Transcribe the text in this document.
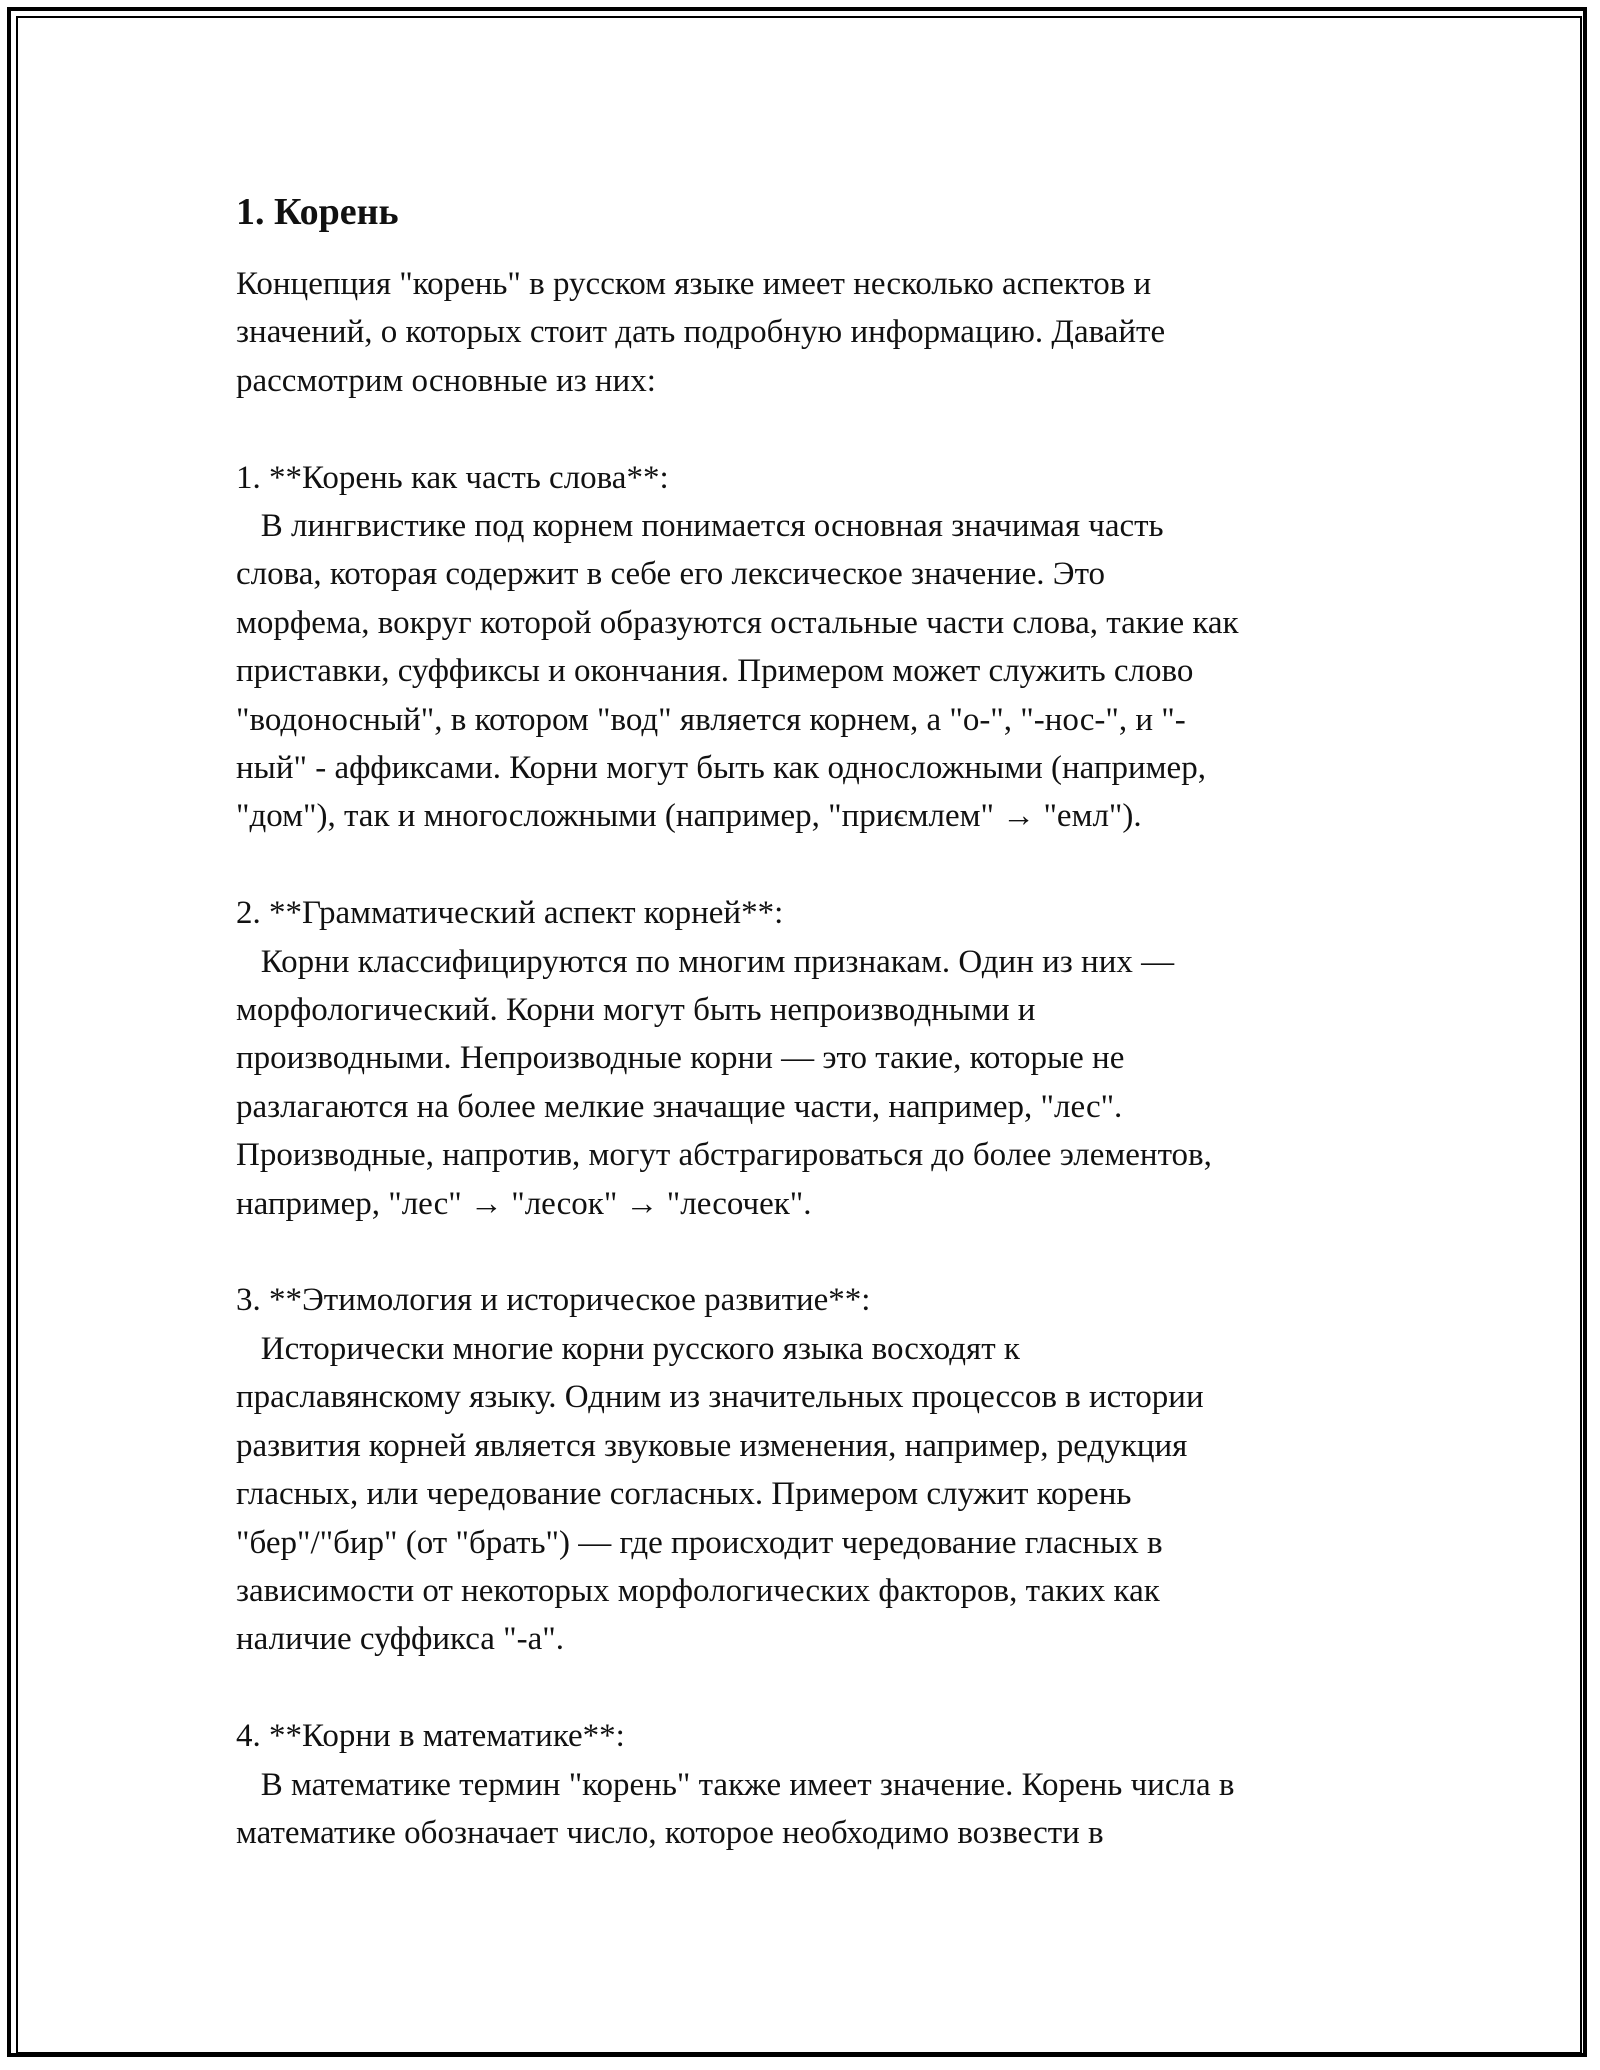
1. Корень

Концепция "корень" в русском языке имеет несколько аспектов и
значений, о которых стоит дать подробную информацию. Давайте
рассмотрим основные из них:

1. **Корень как часть слова**:

В лингвистике под корнем понимается основная значимая часть
слова, которая содержит в себе его лексическое значение. Это
морфема, вокруг которой образуются остальные части слова, такие как
приставки, суффиксы и окончания. Примером может служить слово
"водоносный", в котором "вод" является корнем, а "о-", "-нос-", и "-
ный" - аффиксами. Корни могут быть как односложными (например,
"дом"), так и многосложными (например, "приємлем" → "емл").

2. **Грамматический аспект корней**:

Корни классифицируются по многим признакам. Один из них —
морфологический. Корни могут быть непроизводными и
производными. Непроизводные корни — это такие, которые не
разлагаются на более мелкие значащие части, например, "лес".
Производные, напротив, могут абстрагироваться до более элементов,
например, "лес" → "лесок" → "лесочек".

3. **Этимология и историческое развитие**:

Исторически многие корни русского языка восходят к
праславянскому языку. Одним из значительных процессов в истории
развития корней является звуковые изменения, например, редукция
гласных, или чередование согласных. Примером служит корень
"бер"/"бир" (от "брать") — где происходит чередование гласных в
зависимости от некоторых морфологических факторов, таких как
наличие суффикса "-а".

4. **Корни в математике**:

В математике термин "корень" также имеет значение. Корень числа в
математике обозначает число, которое необходимо возвести в
